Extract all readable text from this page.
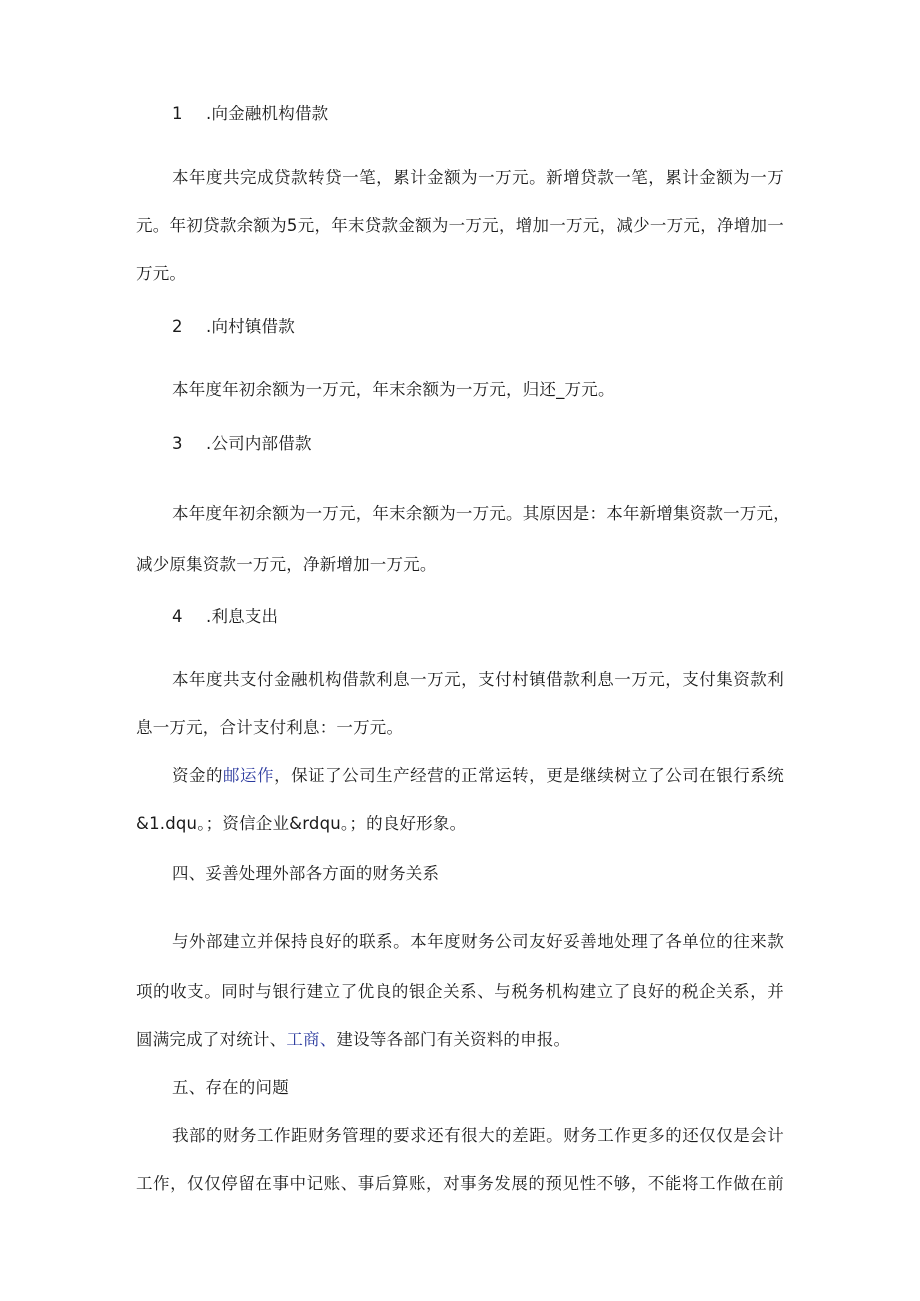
1 .向金融机构借款
本年度共完成贷款转贷一笔，累计金额为一万元。新增贷款一笔，累计金额为一万
元。年初贷款余额为5元，年末贷款金额为一万元，增加一万元，减少一万元，净增加一
万元。
2 .向村镇借款
本年度年初余额为一万元，年末余额为一万元，归还_万元。
3 .公司内部借款
本年度年初余额为一万元，年末余额为一万元。其原因是：本年新增集资款一万元，
减少原集资款一万元，净新增加一万元。
4 .利息支出
本年度共支付金融机构借款利息一万元，支付村镇借款利息一万元，支付集资款利
息一万元，合计支付利息：一万元。
资金的邮运作，保证了公司生产经营的正常运转，更是继续树立了公司在银行系统
&1.dqu。；资信企业&rdqu。；的良好形象。
四、妥善处理外部各方面的财务关系
与外部建立并保持良好的联系。本年度财务公司友好妥善地处理了各单位的往来款
项的收支。同时与银行建立了优良的银企关系、与税务机构建立了良好的税企关系，并
圆满完成了对统计、工商、建设等各部门有关资料的申报。
五、存在的问题
我部的财务工作距财务管理的要求还有很大的差距。财务工作更多的还仅仅是会计
工作，仅仅停留在事中记账、事后算账，对事务发展的预见性不够，不能将工作做在前
